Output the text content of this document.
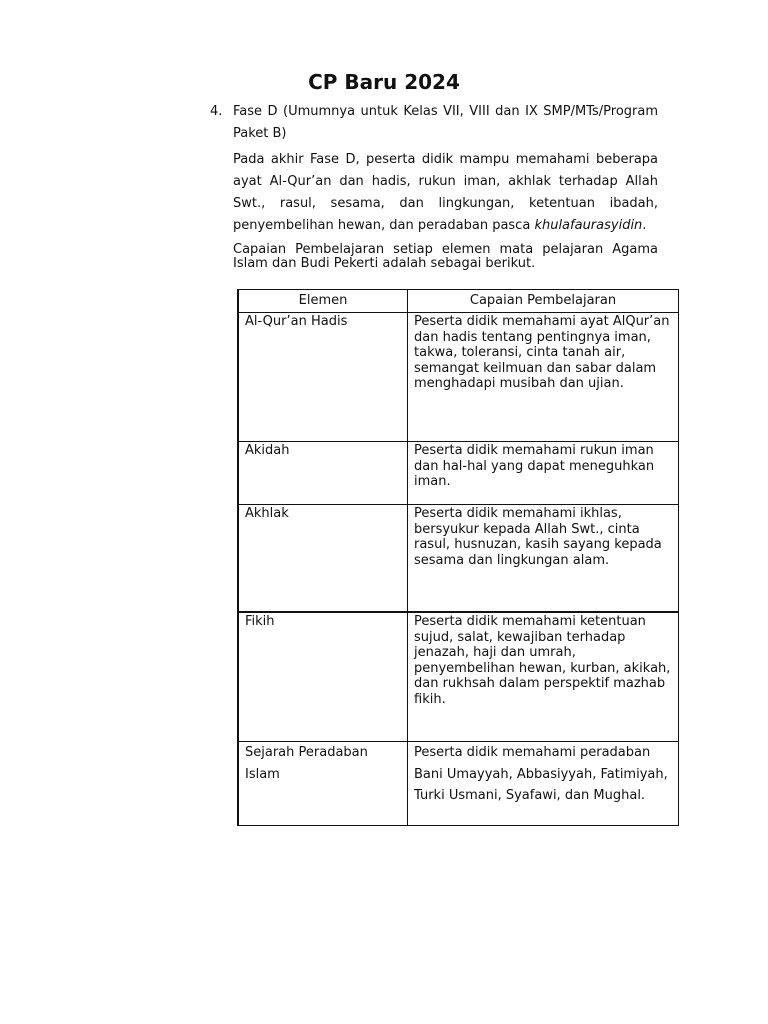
CP Baru 2024
4. Fase D (Umumnya untuk Kelas VII, VIII dan IX SMP/MTs/Program Paket B)

Pada akhir Fase D, peserta didik mampu memahami beberapa ayat Al-Qur’an dan hadis, rukun iman, akhlak terhadap Allah Swt., rasul, sesama, dan lingkungan, ketentuan ibadah, penyembelihan hewan, dan peradaban pasca khulafaurasyidin.

Capaian Pembelajaran setiap elemen mata pelajaran Agama Islam dan Budi Pekerti adalah sebagai berikut.

Elemen	Capaian Pembelajaran
Al-Qur’an Hadis	Peserta didik memahami ayat AlQur’an dan hadis tentang pentingnya iman, takwa, toleransi, cinta tanah air, semangat keilmuan dan sabar dalam menghadapi musibah dan ujian.
Akidah	Peserta didik memahami rukun iman dan hal-hal yang dapat meneguhkan iman.
Akhlak	Peserta didik memahami ikhlas, bersyukur kepada Allah Swt., cinta rasul, husnuzan, kasih sayang kepada sesama dan lingkungan alam.
Fikih	Peserta didik memahami ketentuan sujud, salat, kewajiban terhadap jenazah, haji dan umrah, penyembelihan hewan, kurban, akikah, dan rukhsah dalam perspektif mazhab fikih.
Sejarah Peradaban Islam	Peserta didik memahami peradaban Bani Umayyah, Abbasiyyah, Fatimiyah, Turki Usmani, Syafawi, dan Mughal.
